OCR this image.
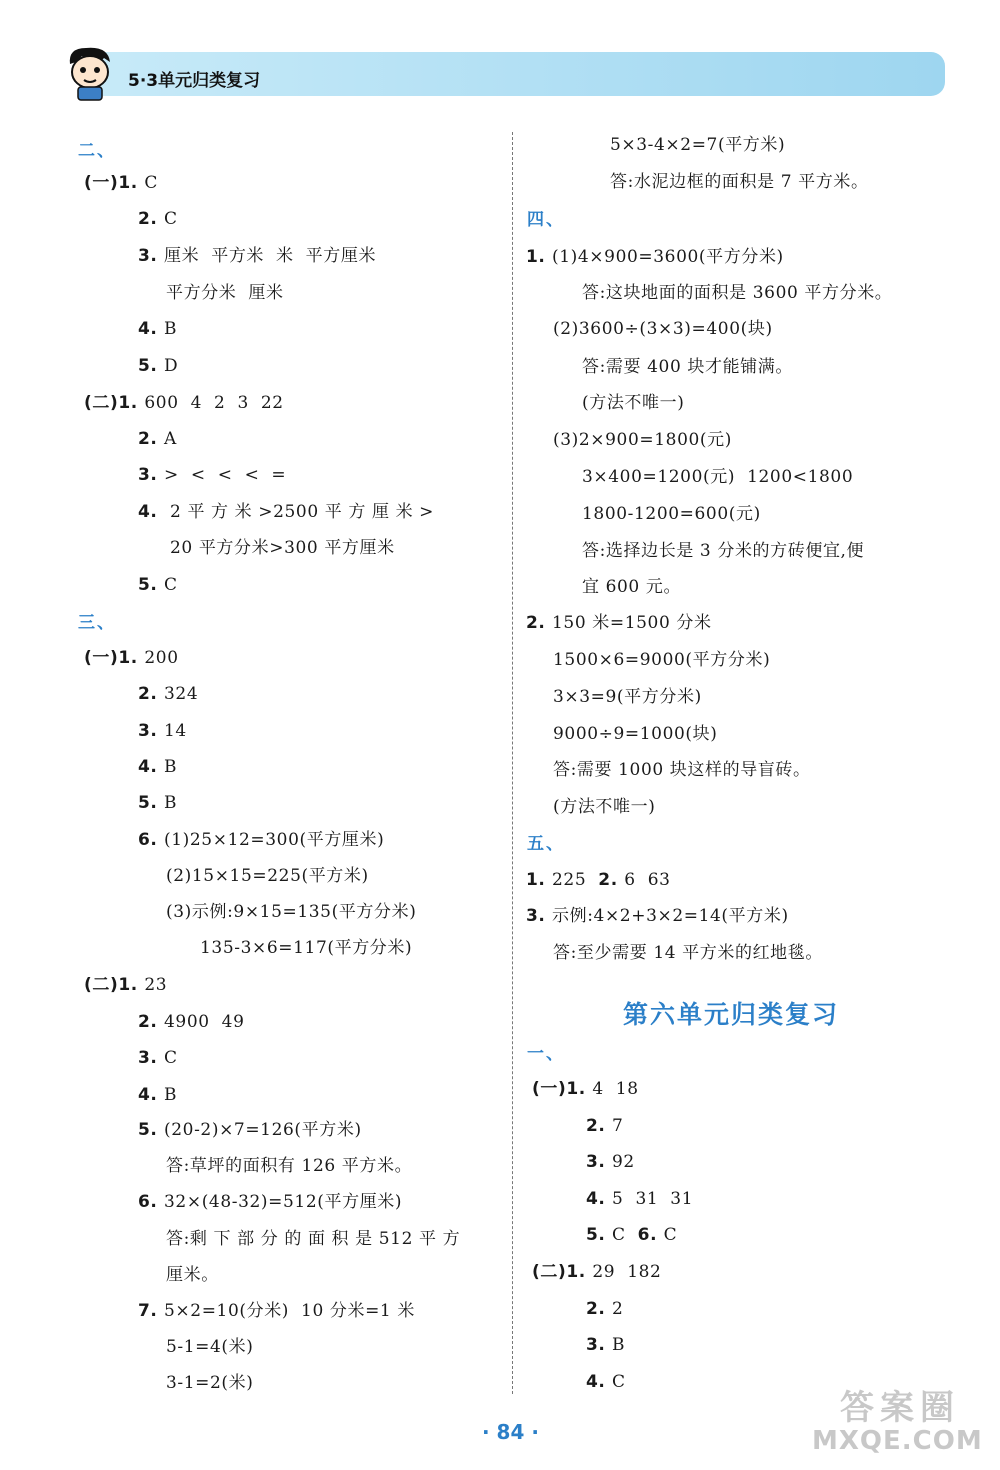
5·3单元归类复习
二、
(一)1. C
2. C
3. 厘米  平方米  米  平方厘米
平方分米  厘米
4. B
5. D
(二)1. 600  4  2  3  22
2. A
3. >  <  <  <  =
4.  2 平 方 米 >2500 平 方 厘 米 >
20 平方分米>300 平方厘米
5. C
三、
(一)1. 200
2. 324
3. 14
4. B
5. B
6. (1)25×12=300(平方厘米)
(2)15×15=225(平方米)
(3)示例:9×15=135(平方分米)
135-3×6=117(平方分米)
(二)1. 23
2. 4900  49
3. C
4. B
5. (20-2)×7=126(平方米)
答:草坪的面积有 126 平方米。
6. 32×(48-32)=512(平方厘米)
答:剩 下 部 分 的 面 积 是 512 平 方
厘米。
7. 5×2=10(分米)  10 分米=1 米
5-1=4(米)
3-1=2(米)
5×3-4×2=7(平方米)
答:水泥边框的面积是 7 平方米。
四、
1. (1)4×900=3600(平方分米)
答:这块地面的面积是 3600 平方分米。
(2)3600÷(3×3)=400(块)
答:需要 400 块才能铺满。
(方法不唯一)
(3)2×900=1800(元)
3×400=1200(元)  1200<1800
1800-1200=600(元)
答:选择边长是 3 分米的方砖便宜,便
宜 600 元。
2. 150 米=1500 分米
1500×6=9000(平方分米)
3×3=9(平方分米)
9000÷9=1000(块)
答:需要 1000 块这样的导盲砖。
(方法不唯一)
五、
1. 225  2. 6  63
3. 示例:4×2+3×2=14(平方米)
答:至少需要 14 平方米的红地毯。
第六单元归类复习
一、
(一)1. 4  18
2. 7
3. 92
4. 5  31  31
5. C  6. C
(二)1. 29  182
2. 2
3. B
4. C
· 84 ·
答案圈
MXQE.COM
